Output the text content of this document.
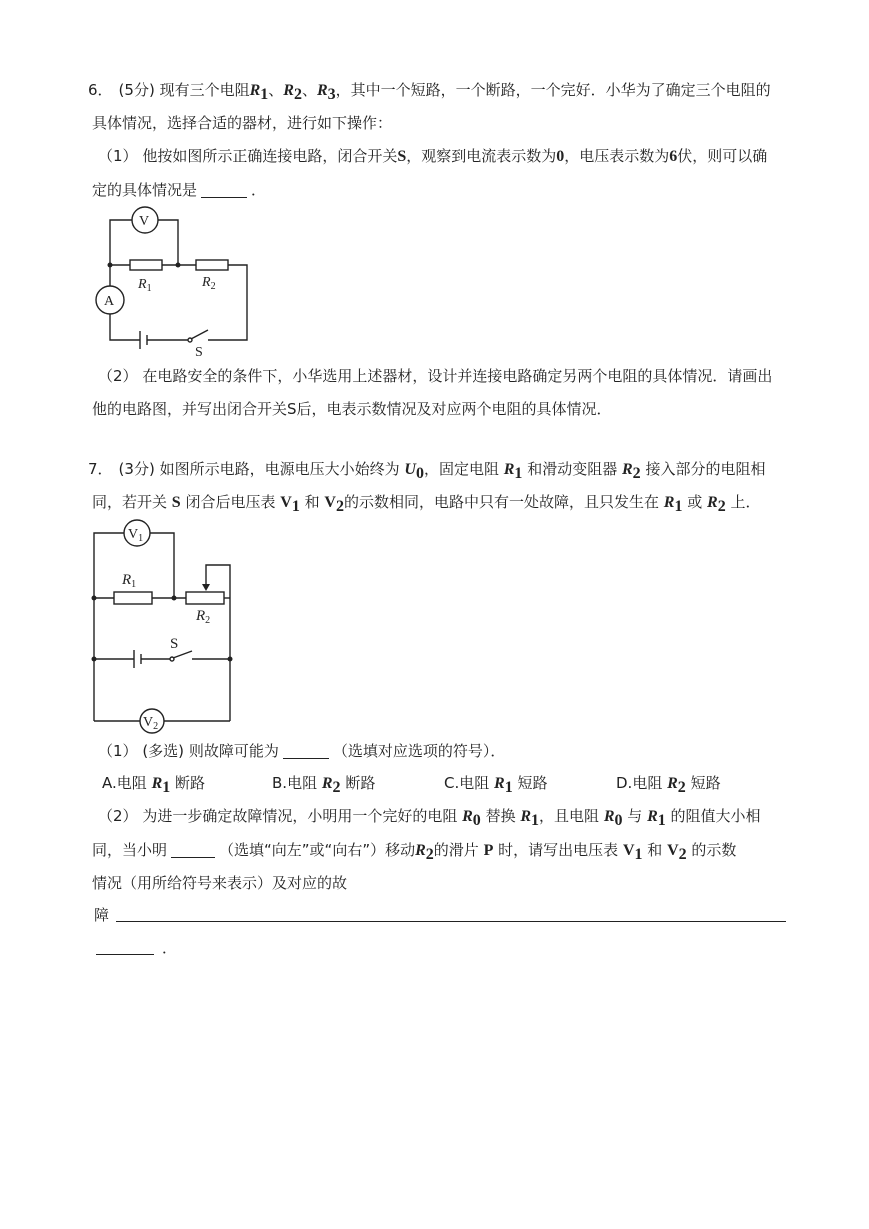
6． (5分) 现有三个电阻$R_1$、$R_2$、$R_3$，其中一个短路，一个断路，一个完好．小华为了确定三个电阻的
具体情况，选择合适的器材，进行如下操作：
（1） 他按如图所示正确连接电路，闭合开关S，观察到电流表示数为0，电压表示数为6伏，则可以确
定的具体情况是	．
V
$R_1$	$R_2$
A
S
（2） 在电路安全的条件下，小华选用上述器材，设计并连接电路确定另两个电阻的具体情况．请画出
他的电路图，并写出闭合开关S后，电表示数情况及对应两个电阻的具体情况．
7． (3分) 如图所示电路，电源电压大小始终为 $U_0$，固定电阻 $R_1$ 和滑动变阻器 $R_2$ 接入部分的电阻相
同，若开关 S 闭合后电压表 $V_1$ 和 $V_2$的示数相同，电路中只有一处故障，且只发生在 $R_1$ 或 $R_2$ 上．
$V_1$
$R_1$
$R_2$
S
$V_2$
（1） (多选) 则故障可能为	（选填对应选项的符号）．
A.电阻 $R_1$ 断路	B.电阻 $R_2$ 断路	C.电阻 $R_1$ 短路	D.电阻 $R_2$ 短路
（2） 为进一步确定故障情况，小明用一个完好的电阻 $R_0$ 替换 $R_1$，且电阻 $R_0$ 与 $R_1$ 的阻值大小相
同，当小明	（选填“向左”或“向右”）移动$R_2$的滑片 P 时，请写出电压表 $V_1$ 和 $V_2$ 的示数
情况（用所给符号来表示）及对应的故
障
．
